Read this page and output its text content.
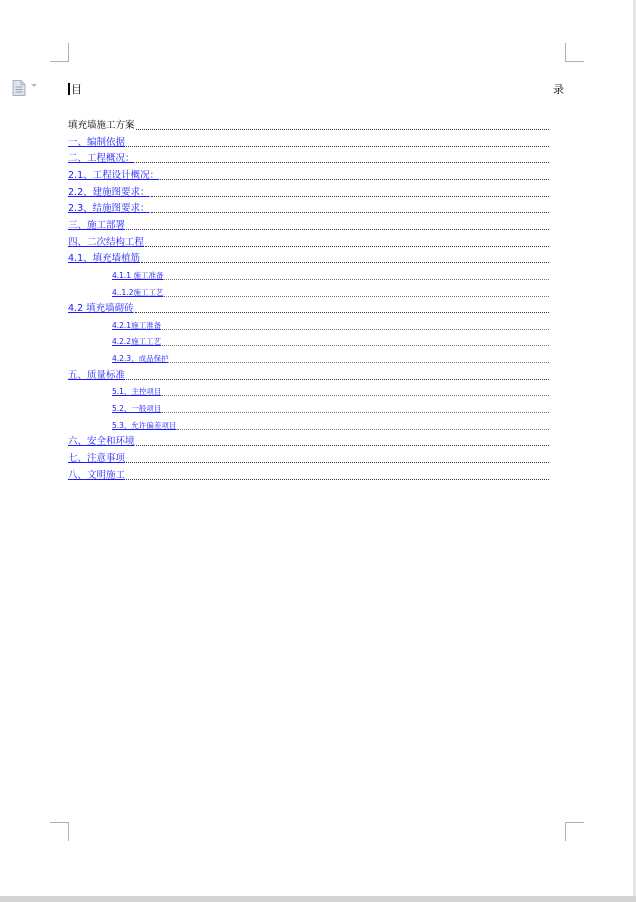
目	录
填充墙施工方案
一、编制依据
二、工程概况：
2.1、工程设计概况：
2.2、建施图要求：
2.3、结施图要求：
三、施工部署
四、二次结构工程
4.1、填充墙植筋
4.1.1 施工准备
4..1.2施工工艺
4.2 填充墙砌砖
4.2.1施工准备
4.2.2施工工艺
4.2.3、成品保护
五、质量标准
5.1、主控项目
5.2、一般项目
5.3、允许偏差项目
六、安全和环境
七、注意事项
八、文明施工
